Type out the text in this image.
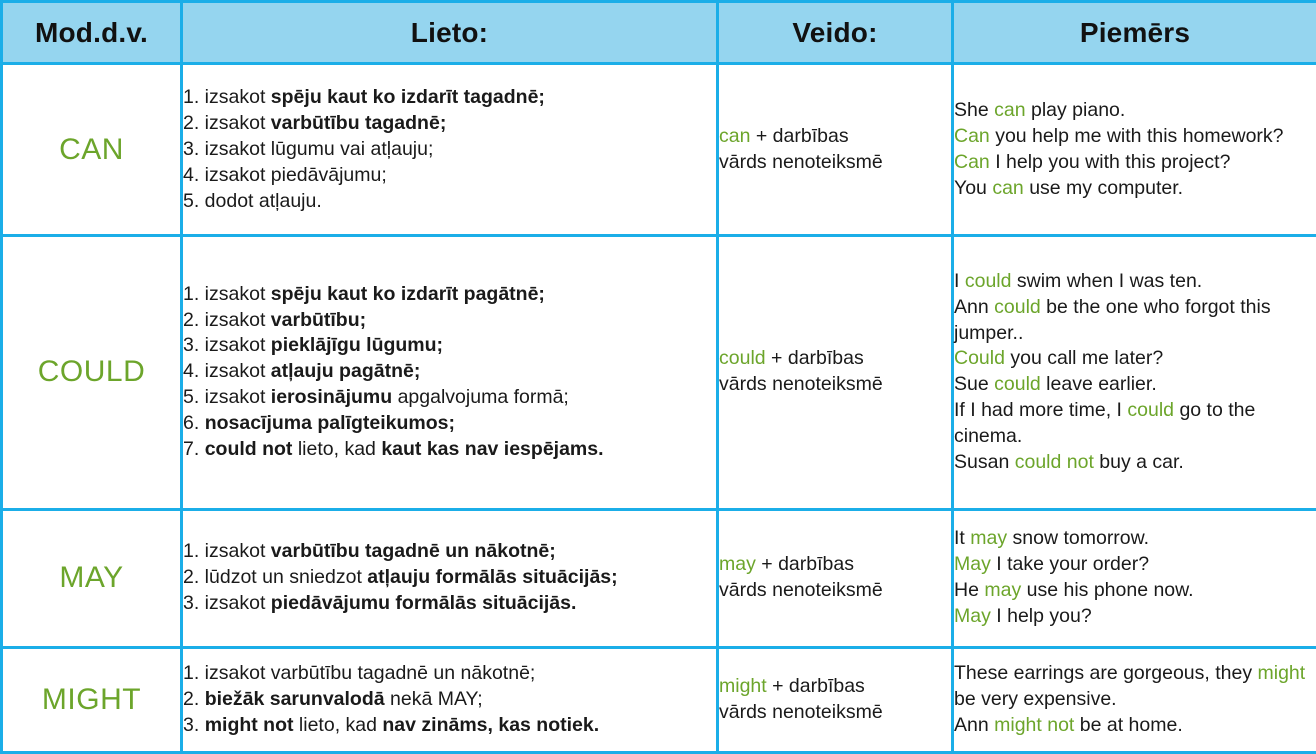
Mod.d.v.	Lieto:	Veido:	Piemērs
CAN	
1. izsakot spēju kaut ko izdarīt tagadnē;
2. izsakot varbūtību tagadnē;
3. izsakot lūgumu vai atļauju;
4. izsakot piedāvājumu;
5. dodot atļauju.

can + darbības
vārds nenoteiksmē

She can play piano.
Can you help me with this homework?
Can I help you with this project?
You can use my computer.

COULD	
1. izsakot spēju kaut ko izdarīt pagātnē;
2. izsakot varbūtību;
3. izsakot pieklājīgu lūgumu;
4. izsakot atļauju pagātnē;
5. izsakot ierosinājumu apgalvojuma formā;
6. nosacījuma palīgteikumos;
7. could not lieto, kad kaut kas nav iespējams.

could + darbības
vārds nenoteiksmē

I could swim when I was ten.
Ann could be the one who forgot this jumper..
Could you call me later?
Sue could leave earlier.
If I had more time, I could go to the cinema.
Susan could not buy a car.

MAY	
1. izsakot varbūtību tagadnē un nākotnē;
2. lūdzot un sniedzot atļauju formālās situācijās;
3. izsakot piedāvājumu formālās situācijās.

may + darbības
vārds nenoteiksmē

It may snow tomorrow.
May I take your order?
He may use his phone now.
May I help you?

MIGHT	
1. izsakot varbūtību tagadnē un nākotnē;
2. biežāk sarunvalodā nekā MAY;
3. might not lieto, kad nav zināms, kas notiek.

might + darbības
vārds nenoteiksmē

These earrings are gorgeous, they might be very expensive.
Ann might not be at home.
